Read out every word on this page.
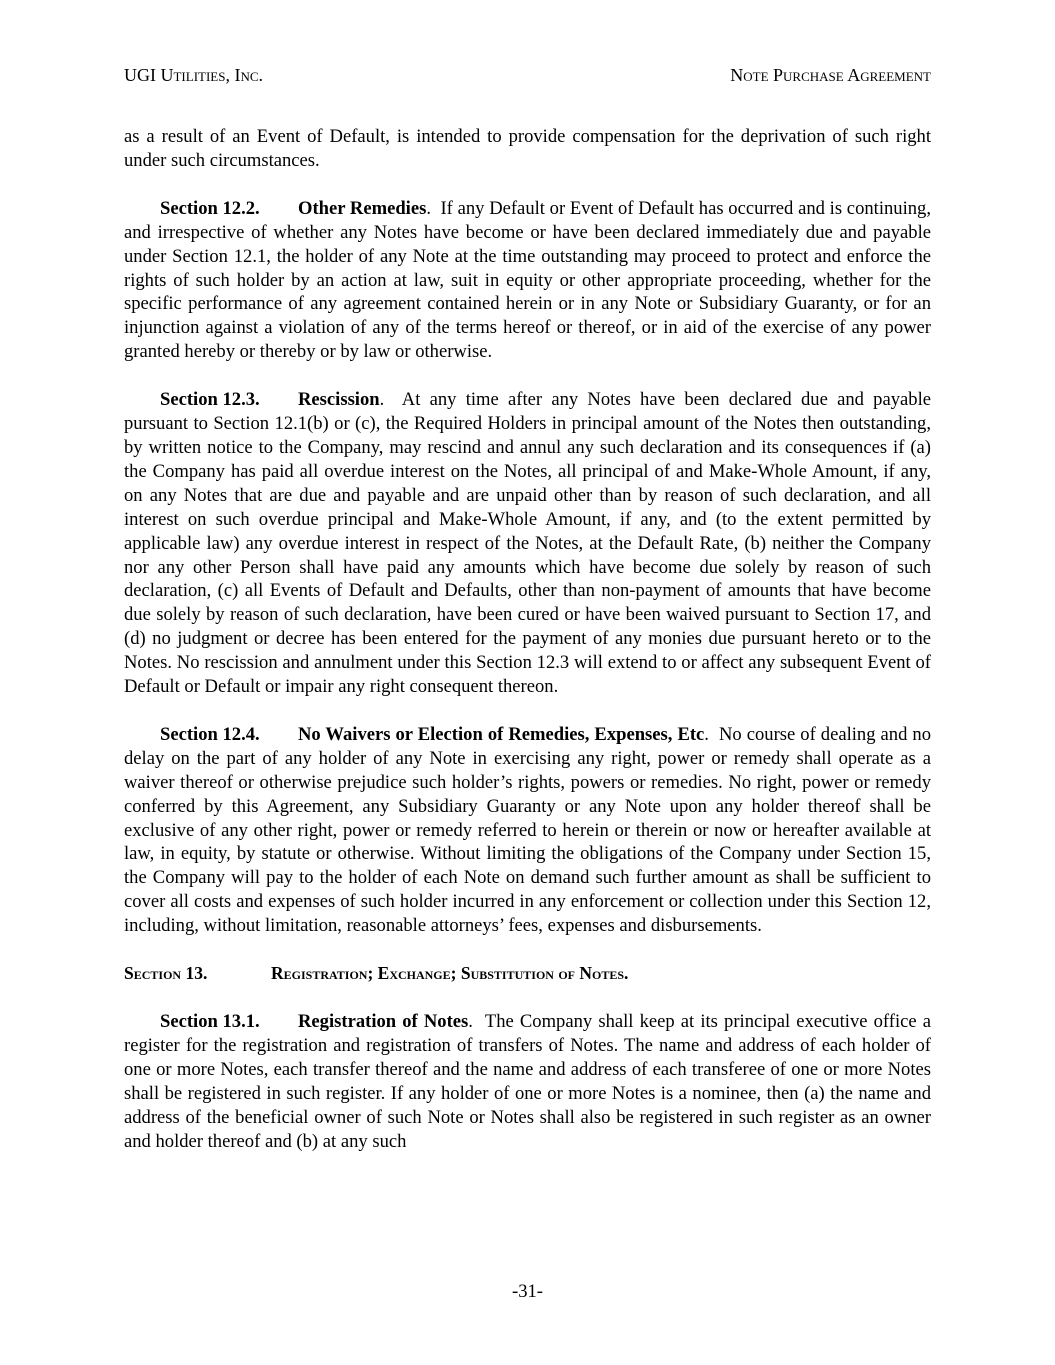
UGI Utilities, Inc.	Note Purchase Agreement

as a result of an Event of Default, is intended to provide compensation for the deprivation of such right under such circumstances.

Section 12.2. Other Remedies.  If any Default or Event of Default has occurred and is continuing, and irrespective of whether any Notes have become or have been declared immediately due and payable under Section 12.1, the holder of any Note at the time outstanding may proceed to protect and enforce the rights of such holder by an action at law, suit in equity or other appropriate proceeding, whether for the specific performance of any agreement contained herein or in any Note or Subsidiary Guaranty, or for an injunction against a violation of any of the terms hereof or thereof, or in aid of the exercise of any power granted hereby or thereby or by law or otherwise.

Section 12.3. Rescission.  At any time after any Notes have been declared due and payable pursuant to Section 12.1(b) or (c), the Required Holders in principal amount of the Notes then outstanding, by written notice to the Company, may rescind and annul any such declaration and its consequences if (a) the Company has paid all overdue interest on the Notes, all principal of and Make-Whole Amount, if any, on any Notes that are due and payable and are unpaid other than by reason of such declaration, and all interest on such overdue principal and Make-Whole Amount, if any, and (to the extent permitted by applicable law) any overdue interest in respect of the Notes, at the Default Rate, (b) neither the Company nor any other Person shall have paid any amounts which have become due solely by reason of such declaration, (c) all Events of Default and Defaults, other than non-payment of amounts that have become due solely by reason of such declaration, have been cured or have been waived pursuant to Section 17, and (d) no judgment or decree has been entered for the payment of any monies due pursuant hereto or to the Notes. No rescission and annulment under this Section 12.3 will extend to or affect any subsequent Event of Default or Default or impair any right consequent thereon.

Section 12.4. No Waivers or Election of Remedies, Expenses, Etc.  No course of dealing and no delay on the part of any holder of any Note in exercising any right, power or remedy shall operate as a waiver thereof or otherwise prejudice such holder’s rights, powers or remedies. No right, power or remedy conferred by this Agreement, any Subsidiary Guaranty or any Note upon any holder thereof shall be exclusive of any other right, power or remedy referred to herein or therein or now or hereafter available at law, in equity, by statute or otherwise. Without limiting the obligations of the Company under Section 15, the Company will pay to the holder of each Note on demand such further amount as shall be sufficient to cover all costs and expenses of such holder incurred in any enforcement or collection under this Section 12, including, without limitation, reasonable attorneys’ fees, expenses and disbursements.

Section 13.	Registration; Exchange; Substitution of Notes.

Section 13.1. Registration of Notes.  The Company shall keep at its principal executive office a register for the registration and registration of transfers of Notes. The name and address of each holder of one or more Notes, each transfer thereof and the name and address of each transferee of one or more Notes shall be registered in such register. If any holder of one or more Notes is a nominee, then (a) the name and address of the beneficial owner of such Note or Notes shall also be registered in such register as an owner and holder thereof and (b) at any such

-31-
